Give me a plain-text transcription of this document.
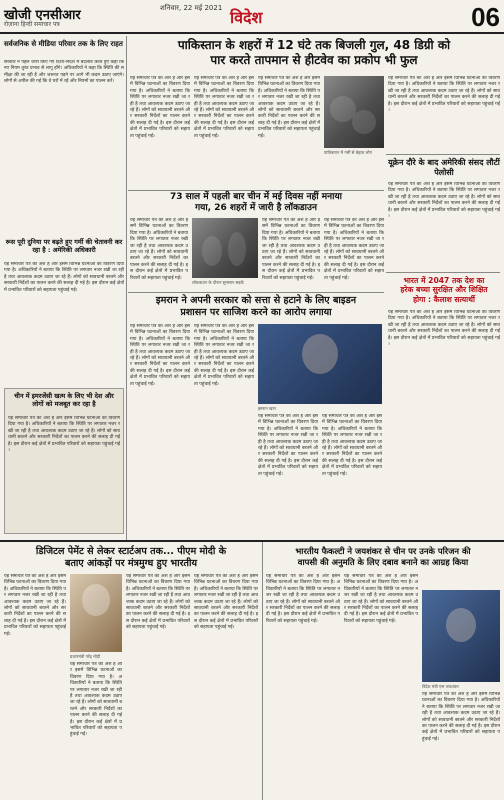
खोजी एनसीआर
रोज़ाना हिन्दी समाचार पत्र
शनिवार, 22 मई 2021 विदेश	06
पाकिस्तान के शहरों में 12 घंटे तक बिजली गुल, 48 डिग्री को
पार करते तापमान से हीटवेव का प्रकोप भी फुल
सर्वजनिक से मीडिया परिवार तक के लिए राहत
सरकार ने पहले जारी किए गए दिशा-निर्देश में बदलाव करते हुए कहा कि नए नियम तुरंत प्रभाव से लागू होंगे। अधिकारियों ने कहा कि स्थिति की समीक्षा की जा रही है और जरूरत पड़ने पर आगे भी कदम उठाए जाएंगे। लोगों से अपील की गई कि वे घरों में रहें और नियमों का पालन करें।
पाकिस्तान में गर्मी से बेहाल लोग
यह समाचार पत्र का अंश है और इसमें विभिन्न घटनाओं का विवरण दिया गया है। अधिकारियों ने बताया कि स्थिति पर लगातार नजर रखी जा रही है तथा आवश्यक कदम उठाए जा रहे हैं। लोगों को सावधानी बरतने और सरकारी निर्देशों का पालन करने की सलाह दी गई है। इस दौरान कई क्षेत्रों में प्रभावित परिवारों को सहायता पहुंचाई गई।
यह समाचार पत्र का अंश है और इसमें विभिन्न घटनाओं का विवरण दिया गया है। अधिकारियों ने बताया कि स्थिति पर लगातार नजर रखी जा रही है तथा आवश्यक कदम उठाए जा रहे हैं। लोगों को सावधानी बरतने और सरकारी निर्देशों का पालन करने की सलाह दी गई है। इस दौरान कई क्षेत्रों में प्रभावित परिवारों को सहायता पहुंचाई गई।
यह समाचार पत्र का अंश है और इसमें विभिन्न घटनाओं का विवरण दिया गया है। अधिकारियों ने बताया कि स्थिति पर लगातार नजर रखी जा रही है तथा आवश्यक कदम उठाए जा रहे हैं। लोगों को सावधानी बरतने और सरकारी निर्देशों का पालन करने की सलाह दी गई है। इस दौरान कई क्षेत्रों में प्रभावित परिवारों को सहायता पहुंचाई गई।
यह समाचार पत्र का अंश है और इसमें विभिन्न घटनाओं का विवरण दिया गया है। अधिकारियों ने बताया कि स्थिति पर लगातार नजर रखी जा रही है तथा आवश्यक कदम उठाए जा रहे हैं। लोगों को सावधानी बरतने और सरकारी निर्देशों का पालन करने की सलाह दी गई है। इस दौरान कई क्षेत्रों में प्रभावित परिवारों को सहायता पहुंचाई गई।
यूक्रेन दौरे के बाद अमेरिकी संसद लौटीं पेलोसी
यह समाचार पत्र का अंश है और इसमें विभिन्न घटनाओं का विवरण दिया गया है। अधिकारियों ने बताया कि स्थिति पर लगातार नजर रखी जा रही है तथा आवश्यक कदम उठाए जा रहे हैं। लोगों को सावधानी बरतने और सरकारी निर्देशों का पालन करने की सलाह दी गई है। इस दौरान कई क्षेत्रों में प्रभावित परिवारों को सहायता पहुंचाई गई।
रूस पूरी दुनिया पर बढ़ते हुए गर्मी की चेतावनी कर रहा है : अमेरिकी अधिकारी
यह समाचार पत्र का अंश है और इसमें विभिन्न घटनाओं का विवरण दिया गया है। अधिकारियों ने बताया कि स्थिति पर लगातार नजर रखी जा रही है तथा आवश्यक कदम उठाए जा रहे हैं। लोगों को सावधानी बरतने और सरकारी निर्देशों का पालन करने की सलाह दी गई है। इस दौरान कई क्षेत्रों में प्रभावित परिवारों को सहायता पहुंचाई गई।
73 साल में पहली बार चीन में मई दिवस नहीं मनाया
गया, 26 शहरों में जारी है लॉकडाउन
यह समाचार पत्र का अंश है और इसमें विभिन्न घटनाओं का विवरण दिया गया है। अधिकारियों ने बताया कि स्थिति पर लगातार नजर रखी जा रही है तथा आवश्यक कदम उठाए जा रहे हैं। लोगों को सावधानी बरतने और सरकारी निर्देशों का पालन करने की सलाह दी गई है। इस दौरान कई क्षेत्रों में प्रभावित परिवारों को सहायता पहुंचाई गई।
लॉकडाउन के दौरान सुनसान सड़कें
यह समाचार पत्र का अंश है और इसमें विभिन्न घटनाओं का विवरण दिया गया है। अधिकारियों ने बताया कि स्थिति पर लगातार नजर रखी जा रही है तथा आवश्यक कदम उठाए जा रहे हैं। लोगों को सावधानी बरतने और सरकारी निर्देशों का पालन करने की सलाह दी गई है। इस दौरान कई क्षेत्रों में प्रभावित परिवारों को सहायता पहुंचाई गई।
यह समाचार पत्र का अंश है और इसमें विभिन्न घटनाओं का विवरण दिया गया है। अधिकारियों ने बताया कि स्थिति पर लगातार नजर रखी जा रही है तथा आवश्यक कदम उठाए जा रहे हैं। लोगों को सावधानी बरतने और सरकारी निर्देशों का पालन करने की सलाह दी गई है। इस दौरान कई क्षेत्रों में प्रभावित परिवारों को सहायता पहुंचाई गई।	भारत में 2047 तक देश का
हरेक बच्चा सुरक्षित और शिक्षित
होगा : कैलाश सत्यार्थी
यह समाचार पत्र का अंश है और इसमें विभिन्न घटनाओं का विवरण दिया गया है। अधिकारियों ने बताया कि स्थिति पर लगातार नजर रखी जा रही है तथा आवश्यक कदम उठाए जा रहे हैं। लोगों को सावधानी बरतने और सरकारी निर्देशों का पालन करने की सलाह दी गई है। इस दौरान कई क्षेत्रों में प्रभावित परिवारों को सहायता पहुंचाई गई।
इमरान ने अपनी सरकार को सत्ता से हटाने के लिए बाइडन
प्रशासन पर साजिश करने का आरोप लगाया
यह समाचार पत्र का अंश है और इसमें विभिन्न घटनाओं का विवरण दिया गया है। अधिकारियों ने बताया कि स्थिति पर लगातार नजर रखी जा रही है तथा आवश्यक कदम उठाए जा रहे हैं। लोगों को सावधानी बरतने और सरकारी निर्देशों का पालन करने की सलाह दी गई है। इस दौरान कई क्षेत्रों में प्रभावित परिवारों को सहायता पहुंचाई गई।
यह समाचार पत्र का अंश है और इसमें विभिन्न घटनाओं का विवरण दिया गया है। अधिकारियों ने बताया कि स्थिति पर लगातार नजर रखी जा रही है तथा आवश्यक कदम उठाए जा रहे हैं। लोगों को सावधानी बरतने और सरकारी निर्देशों का पालन करने की सलाह दी गई है। इस दौरान कई क्षेत्रों में प्रभावित परिवारों को सहायता पहुंचाई गई।
इमरान खान
यह समाचार पत्र का अंश है और इसमें विभिन्न घटनाओं का विवरण दिया गया है। अधिकारियों ने बताया कि स्थिति पर लगातार नजर रखी जा रही है तथा आवश्यक कदम उठाए जा रहे हैं। लोगों को सावधानी बरतने और सरकारी निर्देशों का पालन करने की सलाह दी गई है। इस दौरान कई क्षेत्रों में प्रभावित परिवारों को सहायता पहुंचाई गई।
यह समाचार पत्र का अंश है और इसमें विभिन्न घटनाओं का विवरण दिया गया है। अधिकारियों ने बताया कि स्थिति पर लगातार नजर रखी जा रही है तथा आवश्यक कदम उठाए जा रहे हैं। लोगों को सावधानी बरतने और सरकारी निर्देशों का पालन करने की सलाह दी गई है। इस दौरान कई क्षेत्रों में प्रभावित परिवारों को सहायता पहुंचाई गई।
चीन में इमरजेंसी खत्म के लिए भी देश और लोगों को मजबूत कर रहा है
यह समाचार पत्र का अंश है और इसमें विभिन्न घटनाओं का विवरण दिया गया है। अधिकारियों ने बताया कि स्थिति पर लगातार नजर रखी जा रही है तथा आवश्यक कदम उठाए जा रहे हैं। लोगों को सावधानी बरतने और सरकारी निर्देशों का पालन करने की सलाह दी गई है। इस दौरान कई क्षेत्रों में प्रभावित परिवारों को सहायता पहुंचाई गई।
डिजिटल पेमेंट से लेकर स्टार्टअप तक... पीएम मोदी के
बताए आंकड़ों पर मंत्रमुग्ध हुए भारतीय
यह समाचार पत्र का अंश है और इसमें विभिन्न घटनाओं का विवरण दिया गया है। अधिकारियों ने बताया कि स्थिति पर लगातार नजर रखी जा रही है तथा आवश्यक कदम उठाए जा रहे हैं। लोगों को सावधानी बरतने और सरकारी निर्देशों का पालन करने की सलाह दी गई है। इस दौरान कई क्षेत्रों में प्रभावित परिवारों को सहायता पहुंचाई गई।
प्रधानमंत्री नरेंद्र मोदी
यह समाचार पत्र का अंश है और इसमें विभिन्न घटनाओं का विवरण दिया गया है। अधिकारियों ने बताया कि स्थिति पर लगातार नजर रखी जा रही है तथा आवश्यक कदम उठाए जा रहे हैं। लोगों को सावधानी बरतने और सरकारी निर्देशों का पालन करने की सलाह दी गई है। इस दौरान कई क्षेत्रों में प्रभावित परिवारों को सहायता पहुंचाई गई।
यह समाचार पत्र का अंश है और इसमें विभिन्न घटनाओं का विवरण दिया गया है। अधिकारियों ने बताया कि स्थिति पर लगातार नजर रखी जा रही है तथा आवश्यक कदम उठाए जा रहे हैं। लोगों को सावधानी बरतने और सरकारी निर्देशों का पालन करने की सलाह दी गई है। इस दौरान कई क्षेत्रों में प्रभावित परिवारों को सहायता पहुंचाई गई।
यह समाचार पत्र का अंश है और इसमें विभिन्न घटनाओं का विवरण दिया गया है। अधिकारियों ने बताया कि स्थिति पर लगातार नजर रखी जा रही है तथा आवश्यक कदम उठाए जा रहे हैं। लोगों को सावधानी बरतने और सरकारी निर्देशों का पालन करने की सलाह दी गई है। इस दौरान कई क्षेत्रों में प्रभावित परिवारों को सहायता पहुंचाई गई।
भारतीय फैकल्टी ने जयशंकर से चीन पर उनके परिजन की
वापसी की अनुमति के लिए दबाव बनाने का आग्रह किया
यह समाचार पत्र का अंश है और इसमें विभिन्न घटनाओं का विवरण दिया गया है। अधिकारियों ने बताया कि स्थिति पर लगातार नजर रखी जा रही है तथा आवश्यक कदम उठाए जा रहे हैं। लोगों को सावधानी बरतने और सरकारी निर्देशों का पालन करने की सलाह दी गई है। इस दौरान कई क्षेत्रों में प्रभावित परिवारों को सहायता पहुंचाई गई।
यह समाचार पत्र का अंश है और इसमें विभिन्न घटनाओं का विवरण दिया गया है। अधिकारियों ने बताया कि स्थिति पर लगातार नजर रखी जा रही है तथा आवश्यक कदम उठाए जा रहे हैं। लोगों को सावधानी बरतने और सरकारी निर्देशों का पालन करने की सलाह दी गई है। इस दौरान कई क्षेत्रों में प्रभावित परिवारों को सहायता पहुंचाई गई।
विदेश मंत्री एस जयशंकर
यह समाचार पत्र का अंश है और इसमें विभिन्न घटनाओं का विवरण दिया गया है। अधिकारियों ने बताया कि स्थिति पर लगातार नजर रखी जा रही है तथा आवश्यक कदम उठाए जा रहे हैं। लोगों को सावधानी बरतने और सरकारी निर्देशों का पालन करने की सलाह दी गई है। इस दौरान कई क्षेत्रों में प्रभावित परिवारों को सहायता पहुंचाई गई।
